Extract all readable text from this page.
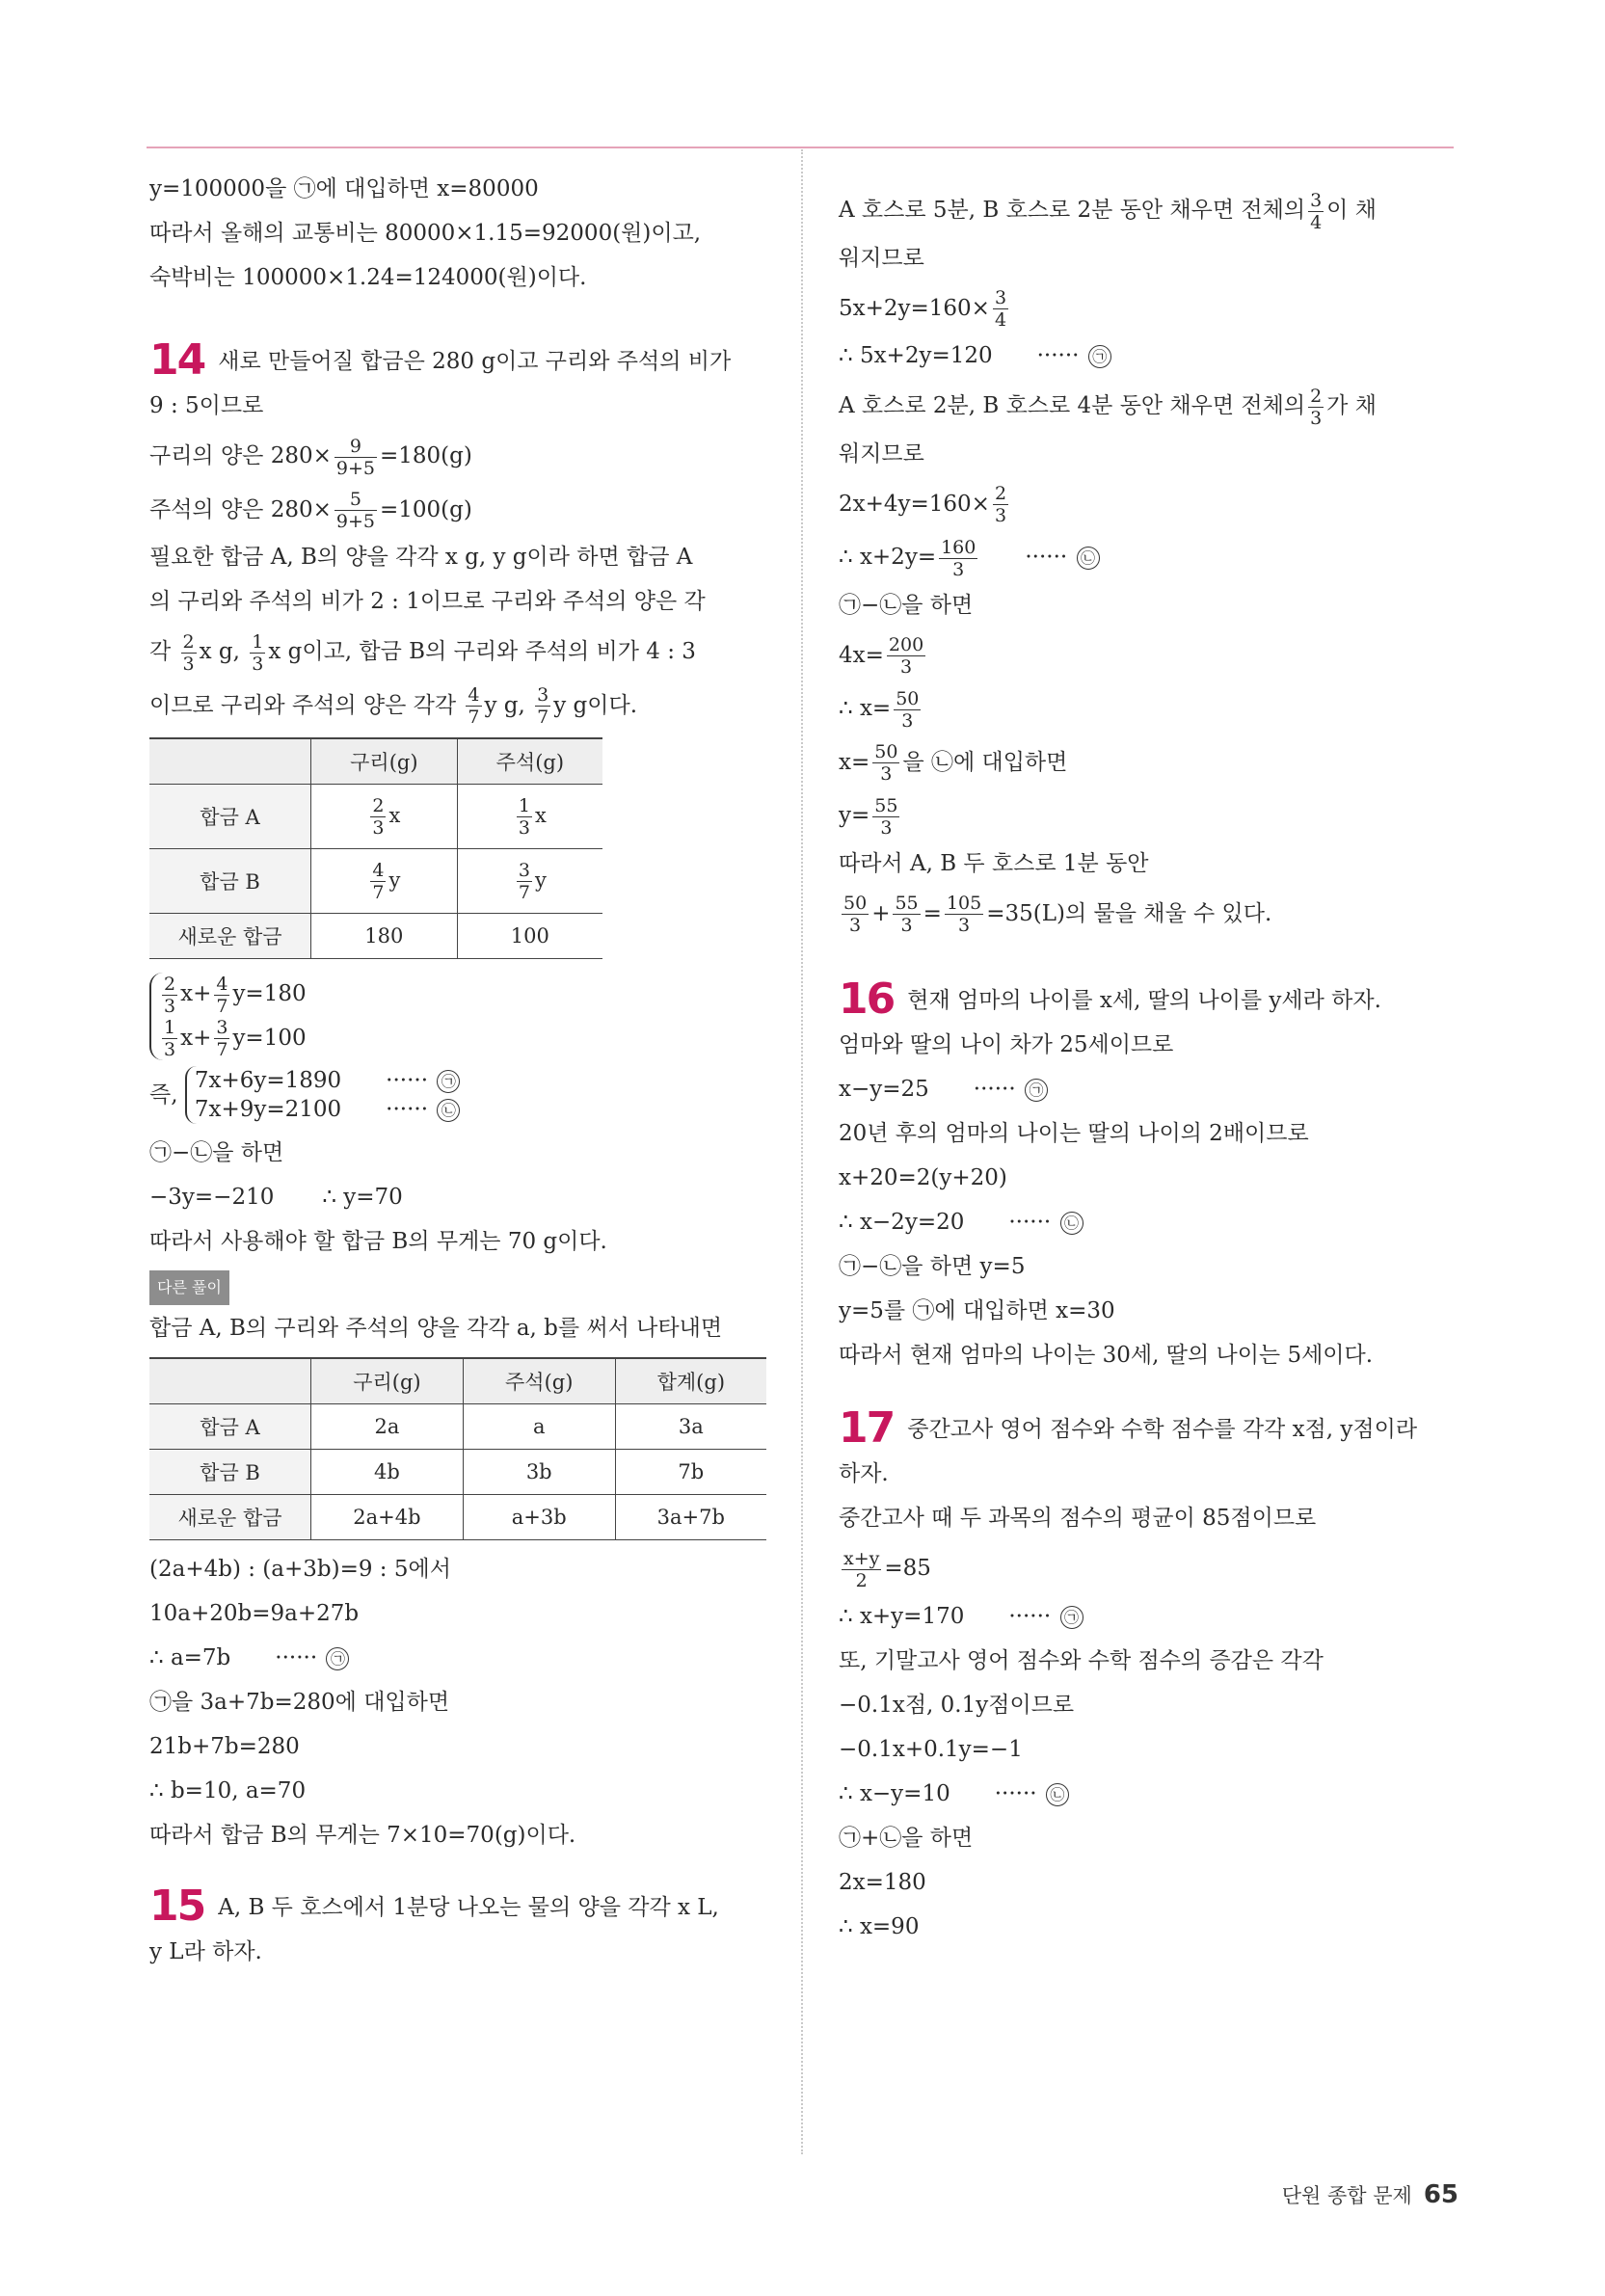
y=100000을 ㉠에 대입하면 x=80000
따라서 올해의 교통비는 80000×1.15=92000(원)이고,
숙박비는 100000×1.24=124000(원)이다.
14 새로 만들어질 합금은 280 g이고 구리와 주석의 비가
9 : 5이므로
구리의 양은 $280\times \frac{9}{9+5} =180(g)$
주석의 양은 $280\times \frac{5}{9+5} =100(g)$
필요한 합금 A, B의 양을 각각 x g, y g이라 하면 합금 A
의 구리와 주석의 비가 2 : 1이므로 구리와 주석의 양은 각
각 $\frac{2}{3}$ x g, $\frac{1}{3}$ x g이고, 합금 B의 구리와 주석의 비가 4 : 3
이므로 구리와 주석의 양은 각각 $\frac{4}{7}$ y g, $\frac{3}{7}$ y g이다.
	구리(g)	주석(g)
합금 A	$\frac{2}{3}$ x	$\frac{1}{3}$ x
합금 B	$\frac{4}{7}$ y	$\frac{3}{7}$ y
새로운 합금	180	100
$\frac{2}{3} x+ \frac{4}{7} y=180$
$\frac{1}{3} x+ \frac{3}{7} y=100$
즉,
7x+6y=1890 ······ ㉠
7x+9y=2100 ······ ㉡
㉠−㉡을 하면
−3y=−210 ∴ y=70
따라서 사용해야 할 합금 B의 무게는 70 g이다.
다른 풀이
합금 A, B의 구리와 주석의 양을 각각 a, b를 써서 나타내면
	구리(g)	주석(g)	합계(g)
합금 A	2a	a	3a
합금 B	4b	3b	7b
새로운 합금	2a+4b	a+3b	3a+7b
(2a+4b) : (a+3b)=9 : 5에서
10a+20b=9a+27b
∴ a=7b ······ ㉠
㉠을 3a+7b=280에 대입하면
21b+7b=280
∴ b=10, a=70
따라서 합금 B의 무게는 7×10=70(g)이다.
15 A, B 두 호스에서 1분당 나오는 물의 양을 각각 x L,
y L라 하자.
A 호스로 5분, B 호스로 2분 동안 채우면 전체의 $\frac{3}{4}$ 이 채
워지므로
$5x+2y=160\times \frac{3}{4}$
∴ 5x+2y=120 ······ ㉠
A 호스로 2분, B 호스로 4분 동안 채우면 전체의 $\frac{2}{3}$ 가 채
워지므로
$2x+4y=160\times \frac{2}{3}$
∴ $x+2y= \frac{160}{3}$ ······ ㉡
㉠−㉡을 하면
$4x= \frac{200}{3}$
∴ $x= \frac{50}{3}$
$x= \frac{50}{3}$ 을 ㉡에 대입하면
$y= \frac{55}{3}$
따라서 A, B 두 호스로 1분 동안
$\frac{50}{3} + \frac{55}{3} = \frac{105}{3} =35(L)$의 물을 채울 수 있다.
16 현재 엄마의 나이를 x세, 딸의 나이를 y세라 하자.
엄마와 딸의 나이 차가 25세이므로
x−y=25 ······ ㉠
20년 후의 엄마의 나이는 딸의 나이의 2배이므로
x+20=2(y+20)
∴ x−2y=20 ······ ㉡
㉠−㉡을 하면 y=5
y=5를 ㉠에 대입하면 x=30
따라서 현재 엄마의 나이는 30세, 딸의 나이는 5세이다.
17 중간고사 영어 점수와 수학 점수를 각각 x점, y점이라
하자.
중간고사 때 두 과목의 점수의 평균이 85점이므로
$\frac{x+y}{2} =85$
∴ x+y=170 ······ ㉠
또, 기말고사 영어 점수와 수학 점수의 증감은 각각
−0.1x점, 0.1y점이므로
−0.1x+0.1y=−1
∴ x−y=10 ······ ㉡
㉠+㉡을 하면
2x=180
∴ x=90
단원 종합 문제 65
